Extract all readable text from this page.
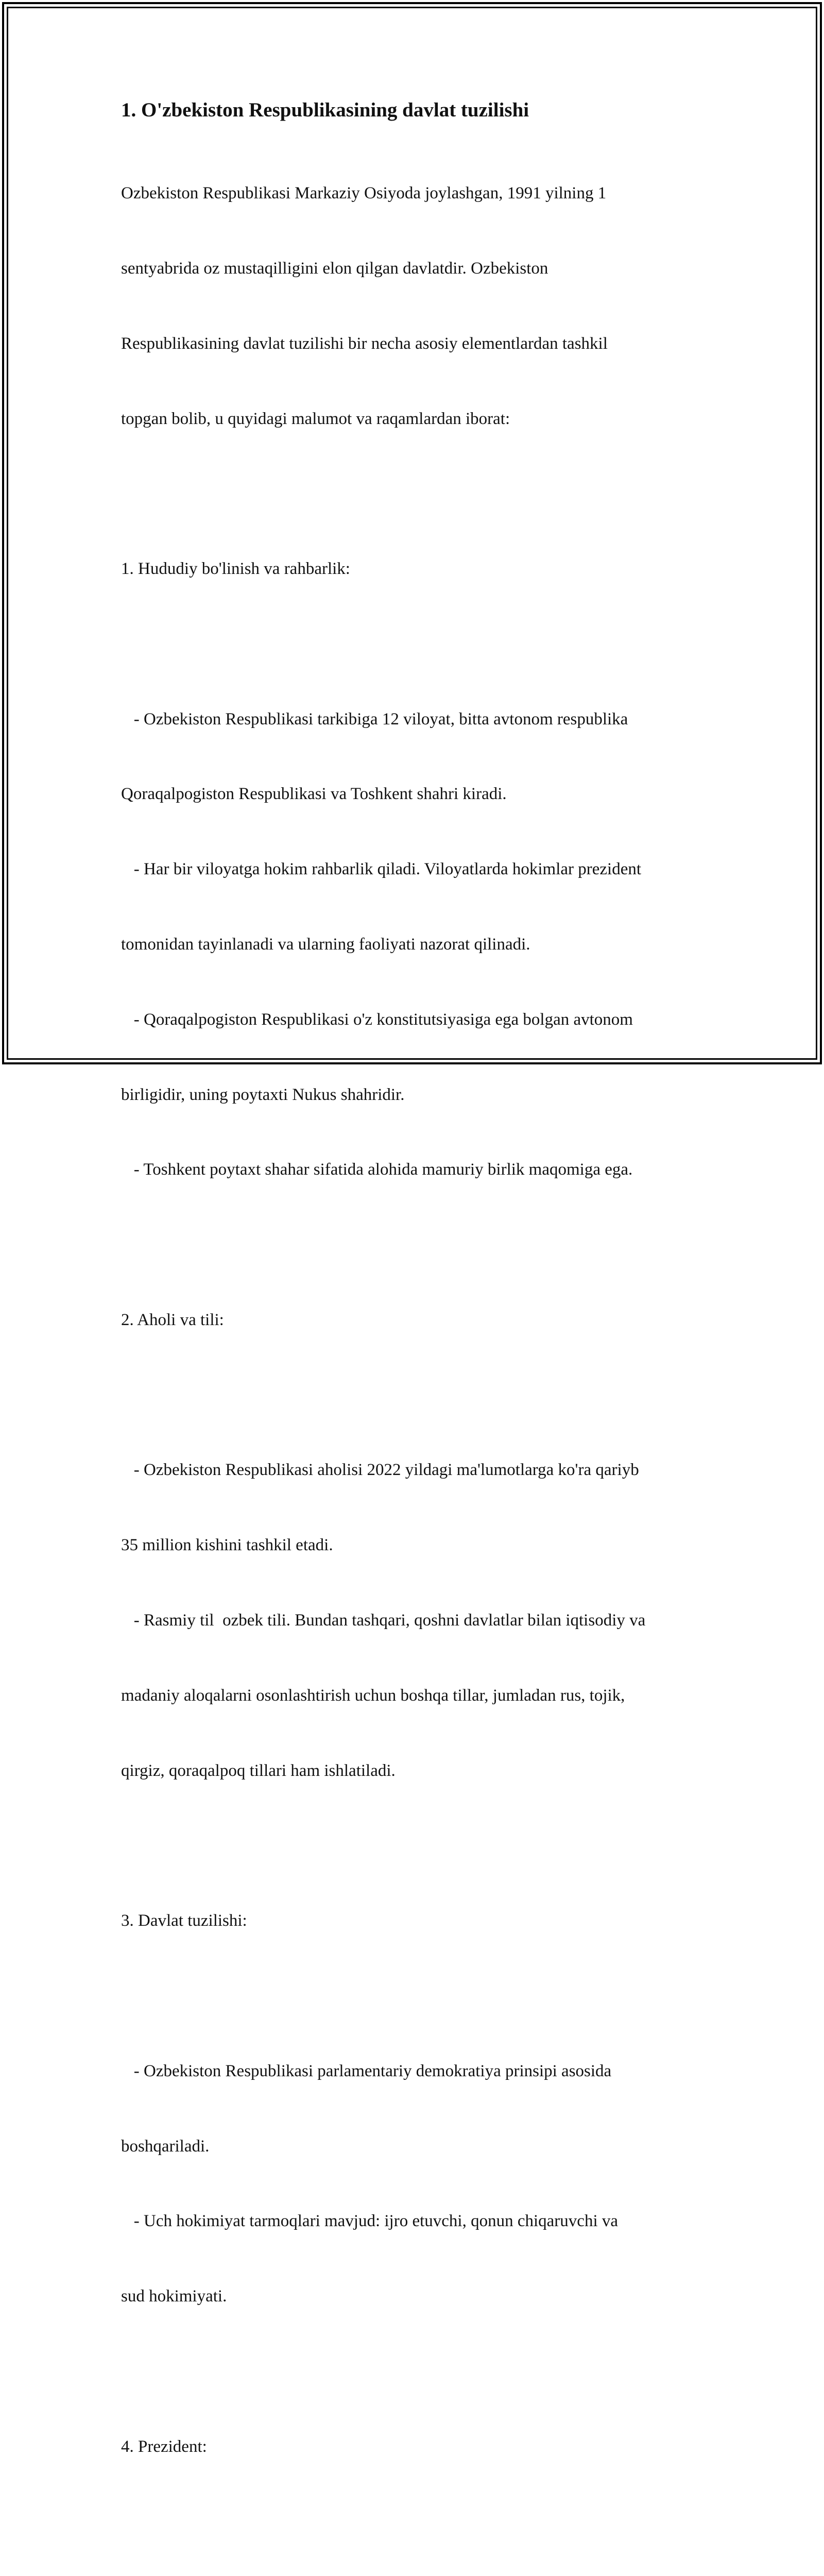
1. O'zbekiston Respublikasining davlat tuzilishi

Ozbekiston Respublikasi Markaziy Osiyoda joylashgan, 1991 yilning 1

sentyabrida oz mustaqilligini elon qilgan davlatdir. Ozbekiston

Respublikasining davlat tuzilishi bir necha asosiy elementlardan tashkil

topgan bolib, u quyidagi malumot va raqamlardan iborat:

1. Hududiy bo'linish va rahbarlik:

- Ozbekiston Respublikasi tarkibiga 12 viloyat, bitta avtonom respublika

Qoraqalpogiston Respublikasi va Toshkent shahri kiradi.

- Har bir viloyatga hokim rahbarlik qiladi. Viloyatlarda hokimlar prezident

tomonidan tayinlanadi va ularning faoliyati nazorat qilinadi.

- Qoraqalpogiston Respublikasi o'z konstitutsiyasiga ega bolgan avtonom

birligidir, uning poytaxti Nukus shahridir.

- Toshkent poytaxt shahar sifatida alohida mamuriy birlik maqomiga ega.

2. Aholi va tili:

- Ozbekiston Respublikasi aholisi 2022 yildagi ma'lumotlarga ko'ra qariyb

35 million kishini tashkil etadi.

- Rasmiy til  ozbek tili. Bundan tashqari, qoshni davlatlar bilan iqtisodiy va

madaniy aloqalarni osonlashtirish uchun boshqa tillar, jumladan rus, tojik,

qirgiz, qoraqalpoq tillari ham ishlatiladi.

3. Davlat tuzilishi:

- Ozbekiston Respublikasi parlamentariy demokratiya prinsipi asosida

boshqariladi.

- Uch hokimiyat tarmoqlari mavjud: ijro etuvchi, qonun chiqaruvchi va

sud hokimiyati.

4. Prezident:
